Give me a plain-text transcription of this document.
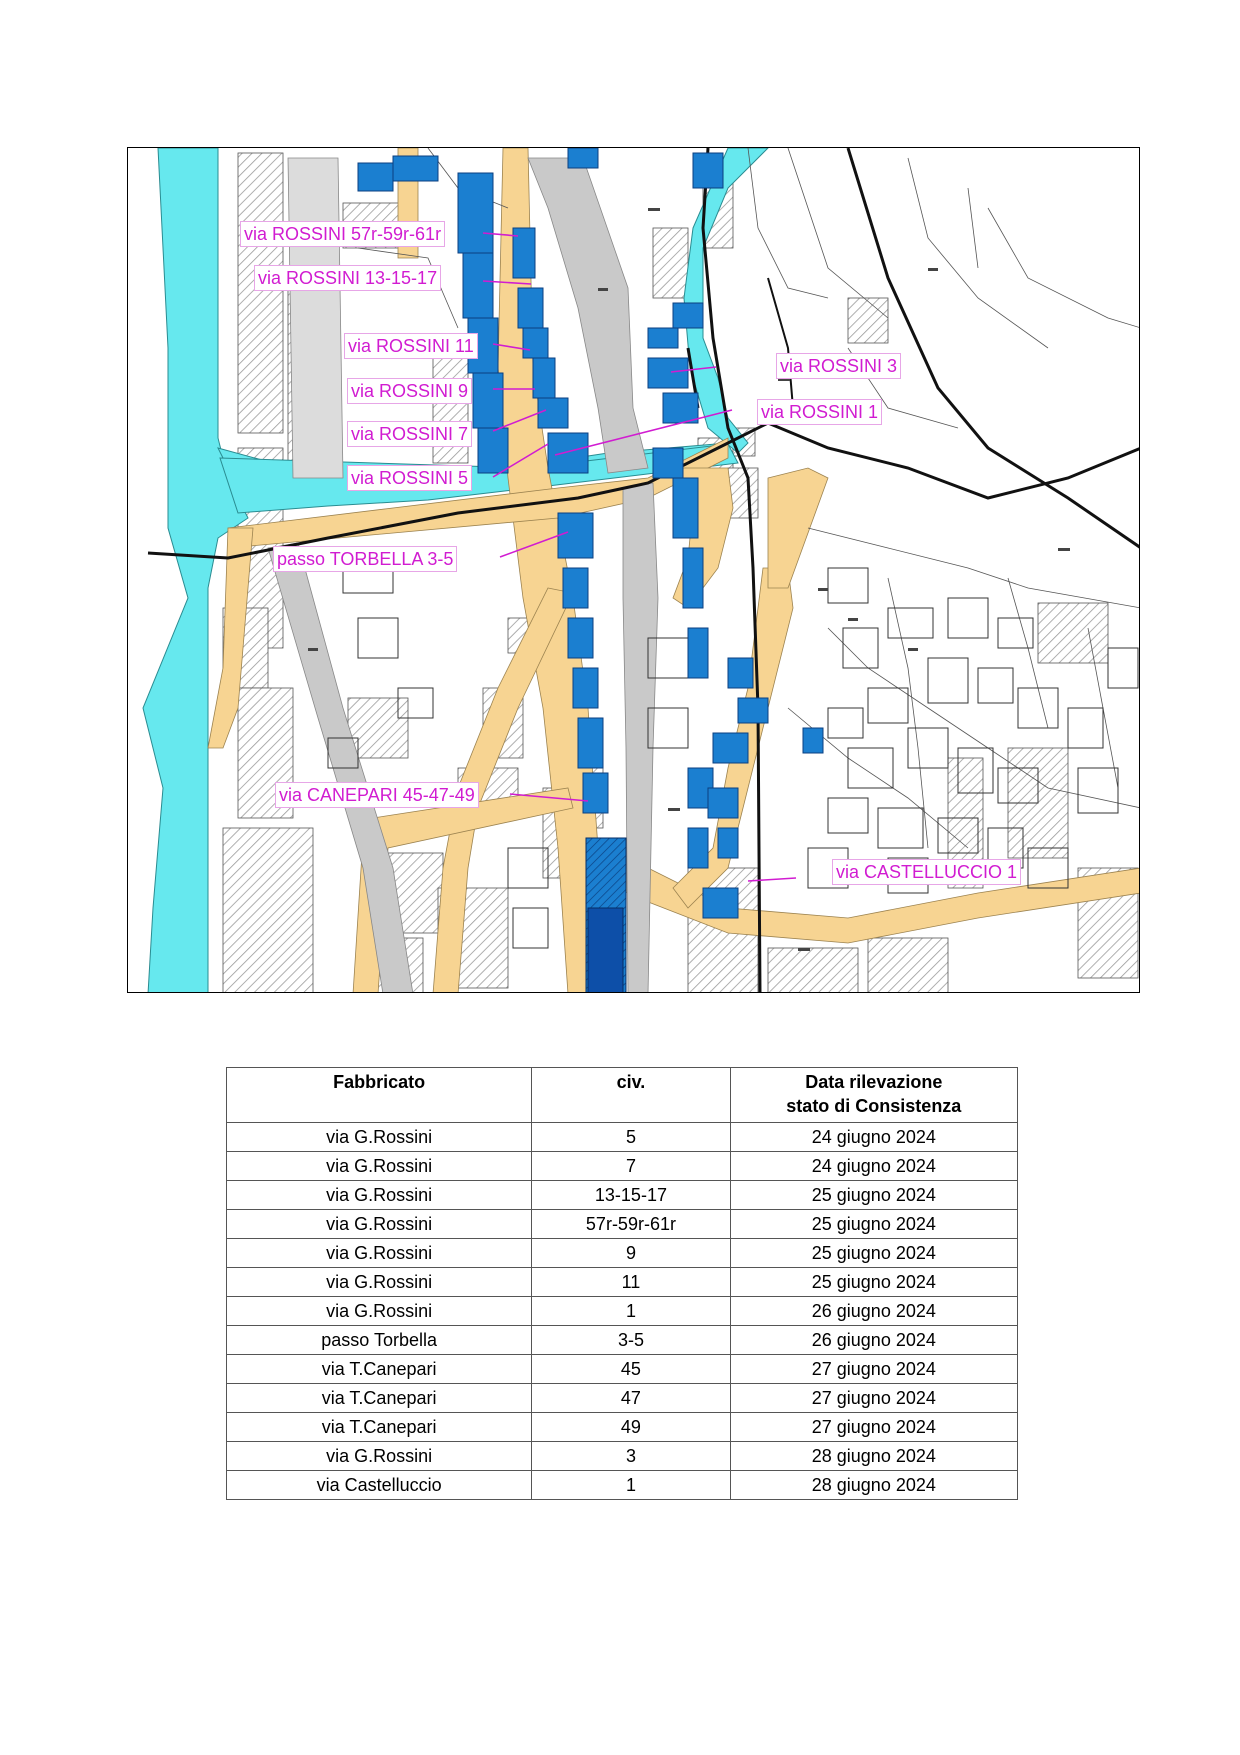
via ROSSINI 57r-59r-61r
via ROSSINI 13-15-17
via ROSSINI 11
via ROSSINI 9
via ROSSINI 7
via ROSSINI 5
via ROSSINI 3
via ROSSINI 1
passo TORBELLA 3-5
via CANEPARI 45-47-49
via CASTELLUCCIO 1
Fabbricato	civ.	Data rilevazione
stato di Consistenza
via G.Rossini	5	24 giugno 2024
via G.Rossini	7	24 giugno 2024
via G.Rossini	13-15-17	25 giugno 2024
via G.Rossini	57r-59r-61r	25 giugno 2024
via G.Rossini	9	25 giugno 2024
via G.Rossini	11	25 giugno 2024
via G.Rossini	1	26 giugno 2024
passo Torbella	3-5	26 giugno 2024
via T.Canepari	45	27 giugno 2024
via T.Canepari	47	27 giugno 2024
via T.Canepari	49	27 giugno 2024
via G.Rossini	3	28 giugno 2024
via Castelluccio	1	28 giugno 2024
